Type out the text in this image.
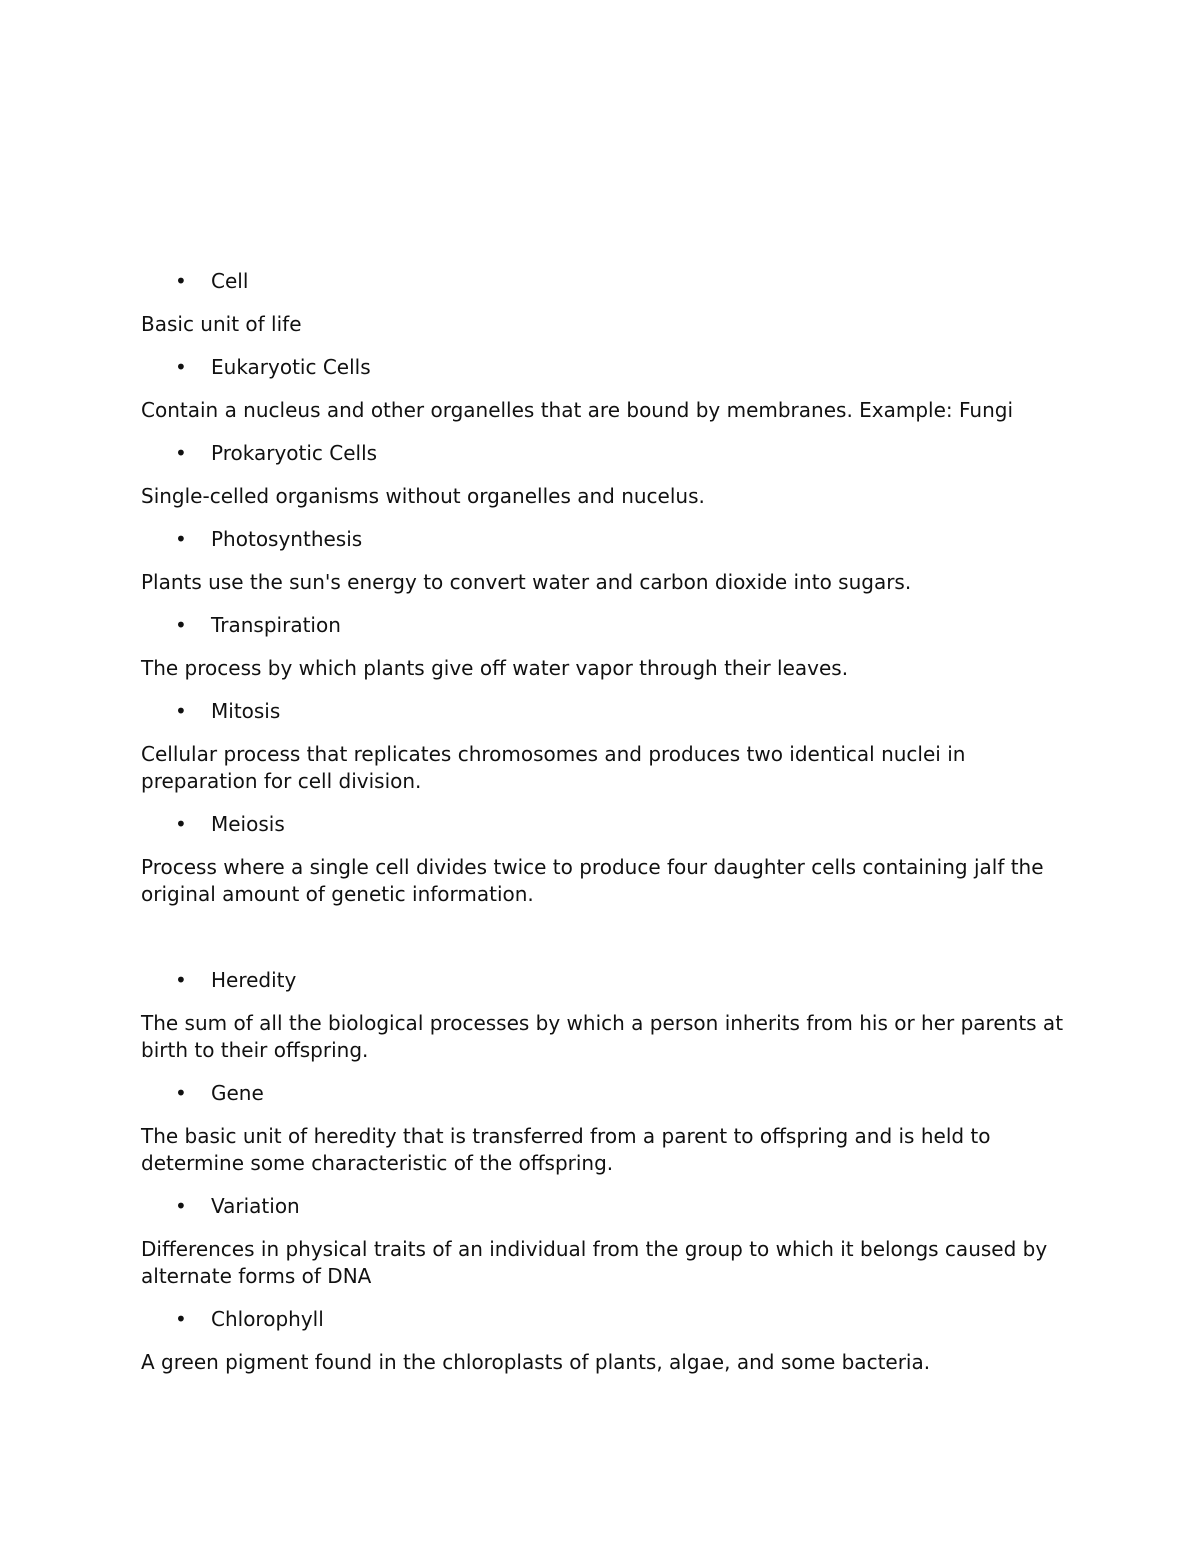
• Cell
Basic unit of life
• Eukaryotic Cells
Contain a nucleus and other organelles that are bound by membranes. Example: Fungi
• Prokaryotic Cells
Single-celled organisms without organelles and nucelus.
• Photosynthesis
Plants use the sun's energy to convert water and carbon dioxide into sugars.
• Transpiration
The process by which plants give off water vapor through their leaves.
• Mitosis
Cellular process that replicates chromosomes and produces two identical nuclei in preparation for cell division.
• Meiosis
Process where a single cell divides twice to produce four daughter cells containing jalf the original amount of genetic information.
• Heredity
The sum of all the biological processes by which a person inherits from his or her parents at birth to their offspring.
• Gene
The basic unit of heredity that is transferred from a parent to offspring and is held to determine some characteristic of the offspring.
• Variation
Differences in physical traits of an individual from the group to which it belongs caused by alternate forms of DNA
• Chlorophyll
A green pigment found in the chloroplasts of plants, algae, and some bacteria.
